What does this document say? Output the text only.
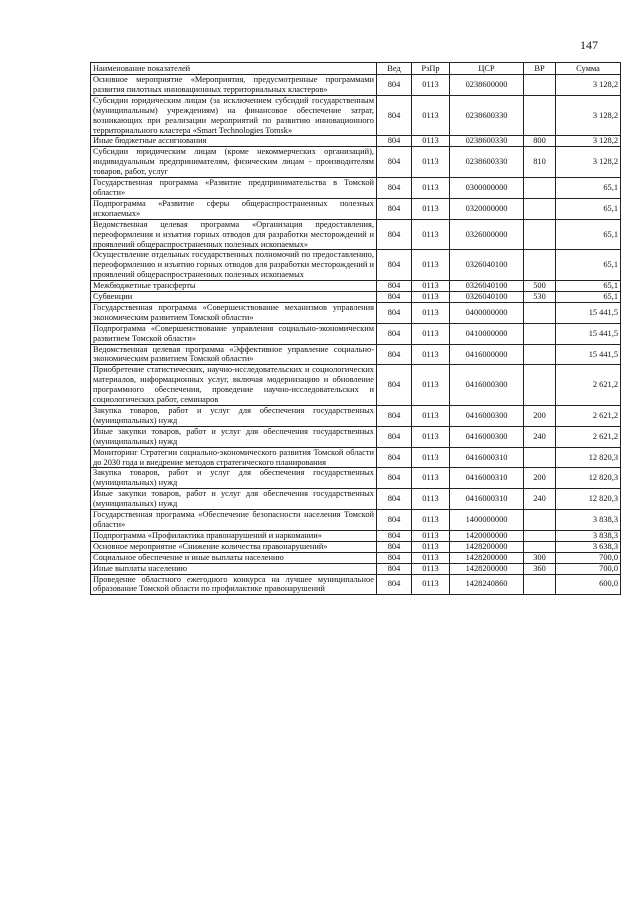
147
Наименование показателей	Вед	РзПр	ЦСР	ВР	Сумма
Основное мероприятие «Мероприятия, предусмотренные программами развития пилотных инновационных территориальных кластеров»	804	0113	0238600000		3 128,2
Субсидии юридическим лицам (за исключением субсидий государственным (муниципальным) учреждениям) на финансовое обеспечение затрат, возникающих при реализации мероприятий по развитию инновационного территориального кластера «Smart Technologies Tomsk»	804	0113	0238600330		3 128,2
Иные бюджетные ассигнования	804	0113	0238600330	800	3 128,2
Субсидии юридическим лицам (кроме некоммерческих организаций), индивидуальным предпринимателям, физическим лицам - производителям товаров, работ, услуг	804	0113	0238600330	810	3 128,2
Государственная программа «Развитие предпринимательства в Томской области»	804	0113	0300000000		65,1
Подпрограмма «Развитие сферы общераспространенных полезных ископаемых»	804	0113	0320000000		65,1
Ведомственная целевая программа «Организация предоставления, переоформления и изъятия горных отводов для разработки месторождений и проявлений общераспространенных полезных ископаемых»	804	0113	0326000000		65,1
Осуществление отдельных государственных полномочий по предоставлению, переоформлению и изъятию горных отводов для разработки месторождений и проявлений общераспространенных полезных ископаемых	804	0113	0326040100		65,1
Межбюджетные трансферты	804	0113	0326040100	500	65,1
Субвенции	804	0113	0326040100	530	65,1
Государственная программа «Совершенствование механизмов управления экономическим развитием Томской области»	804	0113	0400000000		15 441,5
Подпрограмма «Совершенствование управления социально-экономическим развитием Томской области»	804	0113	0410000000		15 441,5
Ведомственная целевая программа «Эффективное управление социально-экономическим развитием Томской области»	804	0113	0416000000		15 441,5
Приобретение статистических, научно-исследовательских и социологических материалов, информационных услуг, включая модернизацию и обновление программного обеспечения, проведение научно-исследовательских и социологических работ, семинаров	804	0113	0416000300		2 621,2
Закупка товаров, работ и услуг для обеспечения государственных (муниципальных) нужд	804	0113	0416000300	200	2 621,2
Иные закупки товаров, работ и услуг для обеспечения государственных (муниципальных) нужд	804	0113	0416000300	240	2 621,2
Мониторинг Стратегии социально-экономического развития Томской области до 2030 года и внедрение методов стратегического планирования	804	0113	0416000310		12 820,3
Закупка товаров, работ и услуг для обеспечения государственных (муниципальных) нужд	804	0113	0416000310	200	12 820,3
Иные закупки товаров, работ и услуг для обеспечения государственных (муниципальных) нужд	804	0113	0416000310	240	12 820,3
Государственная программа «Обеспечение безопасности населения Томской области»	804	0113	1400000000		3 838,3
Подпрограмма «Профилактика правонарушений и наркомании»	804	0113	1420000000		3 838,3
Основное мероприятие «Снижение количества правонарушений»	804	0113	1428200000		3 638,3
Социальное обеспечение и иные выплаты населению	804	0113	1428200000	300	700,0
Иные выплаты населению	804	0113	1428200000	360	700,0
Проведение областного ежегодного конкурса на лучшее муниципальное образование Томской области по профилактике правонарушений	804	0113	1428240860		600,0
